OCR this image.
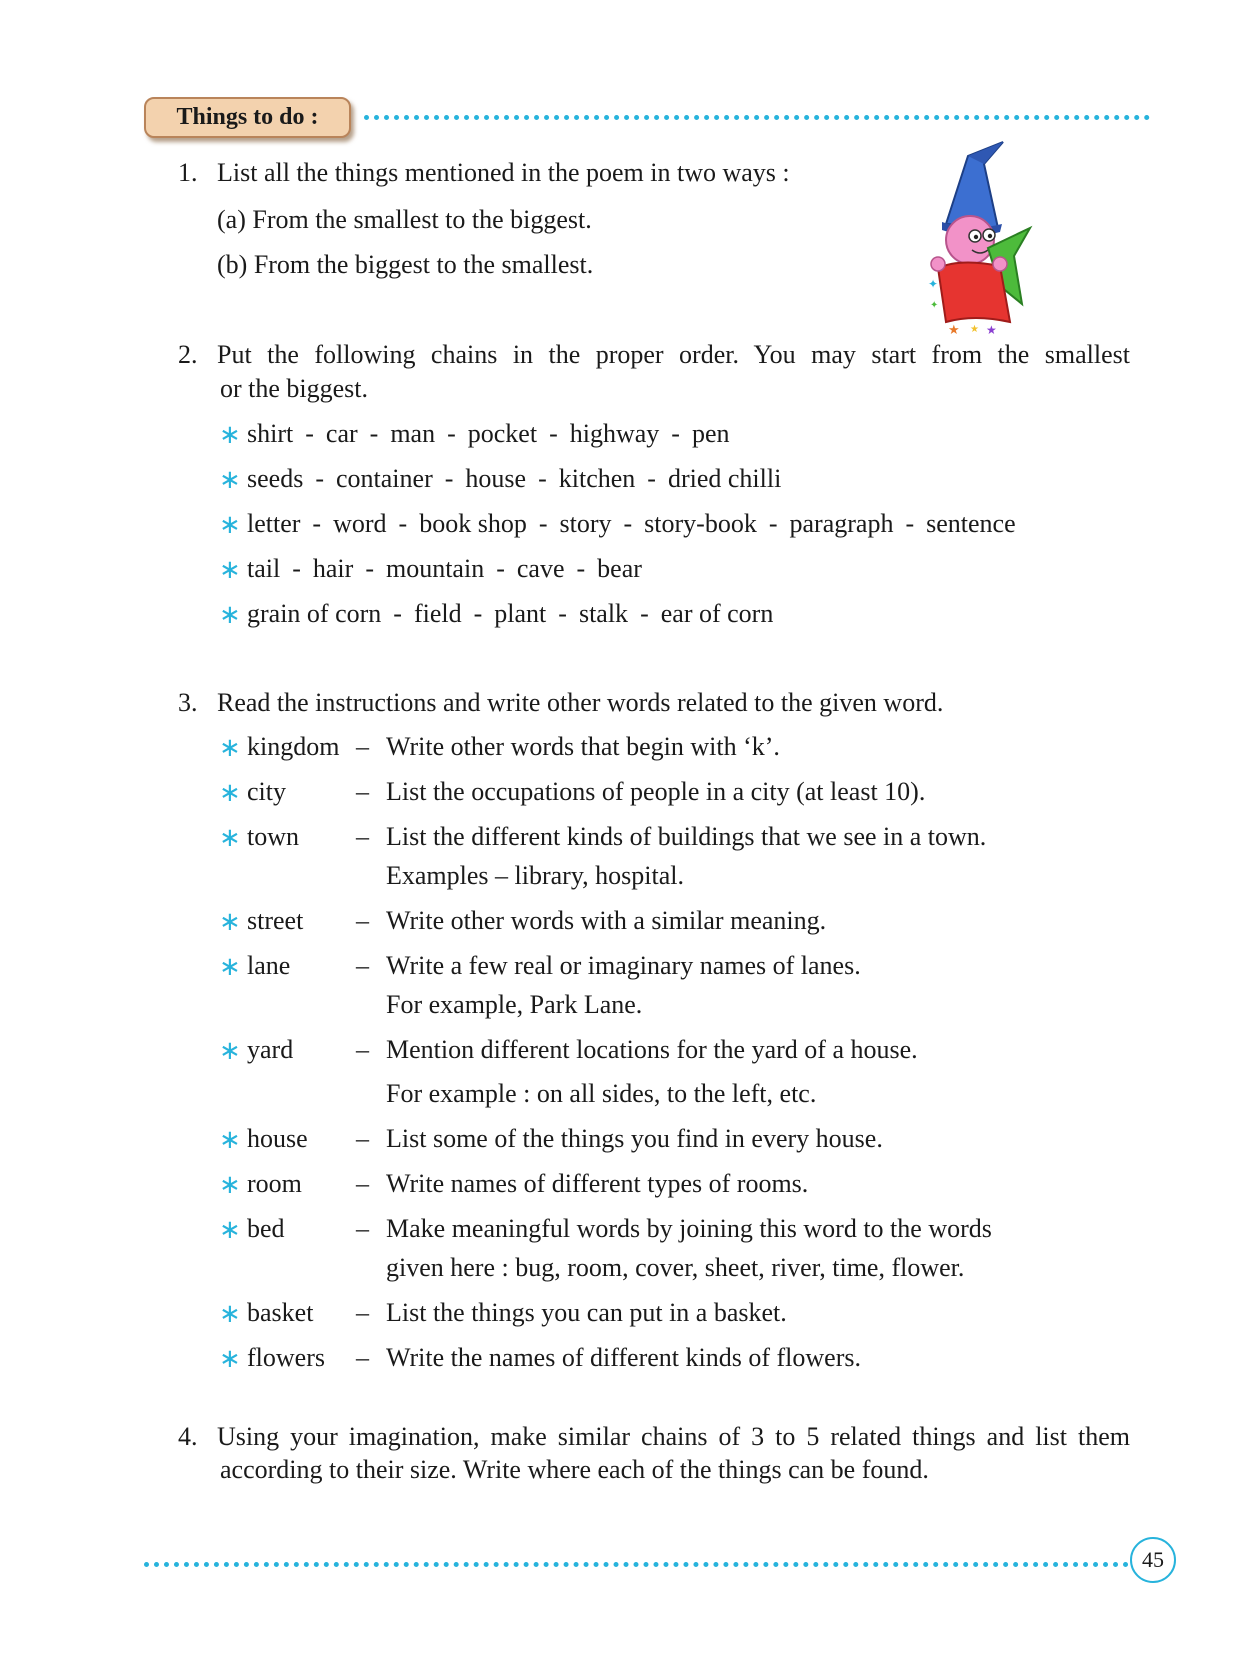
Things to do :
✦
✦
★ ★ ★
1. List all the things mentioned in the poem in two ways :
(a) From the smallest to the biggest.
(b) From the biggest to the smallest.
2. Put the following chains in the proper order. You may start from the smallest
or the biggest.
∗ shirt - car - man - pocket - highway - pen
∗ seeds - container - house - kitchen - dried chilli
∗ letter - word - book shop - story - story-book - paragraph - sentence
∗ tail - hair - mountain - cave - bear
∗ grain of corn - field - plant - stalk - ear of corn
3. Read the instructions and write other words related to the given word.
∗ kingdom – Write other words that begin with ‘k’.
∗ city	– List the occupations of people in a city (at least 10).
∗ town – List the different kinds of buildings that we see in a town.
Examples – library, hospital.
∗ street – Write other words with a similar meaning.
∗ lane	– Write a few real or imaginary names of lanes.
For example, Park Lane.
∗ yard – Mention different locations for the yard of a house.
For example : on all sides, to the left, etc.
∗ house – List some of the things you find in every house.
∗ room – Write names of different types of rooms.
∗ bed	– Make meaningful words by joining this word to the words
given here : bug, room, cover, sheet, river, time, flower.
∗ basket – List the things you can put in a basket.
∗ flowers – Write the names of different kinds of flowers.
4. Using your imagination, make similar chains of 3 to 5 related things and list them
according to their size. Write where each of the things can be found.
45
